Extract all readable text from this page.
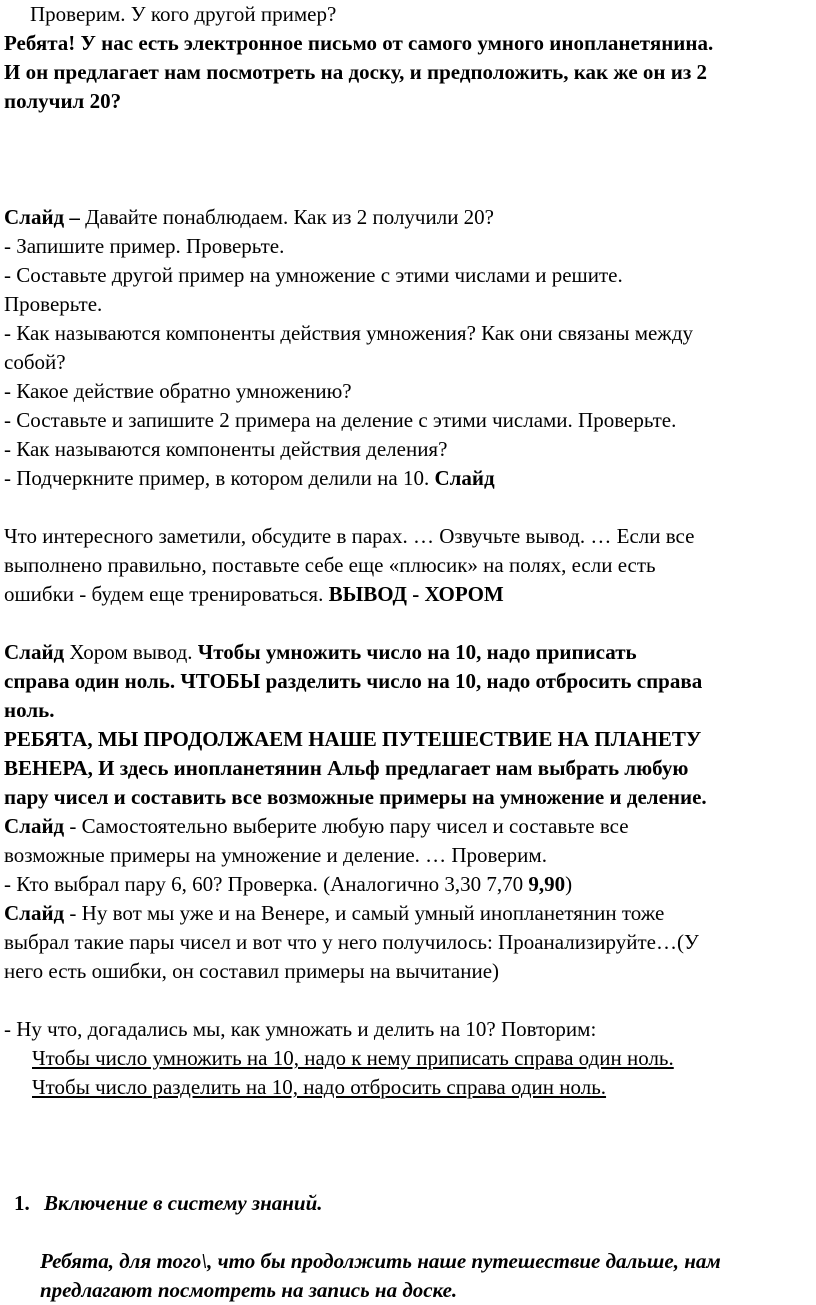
Проверим. У кого другой пример?
Ребята! У нас есть электронное письмо от самого умного инопланетянина.
И он предлагает нам посмотреть на доску, и предположить, как же он из 2
получил 20?
Слайд – Давайте понаблюдаем. Как из 2 получили 20?
- Запишите пример. Проверьте.
- Составьте другой пример на умножение с этими числами и решите.
Проверьте.
- Как называются компоненты действия умножения? Как они связаны между
собой?
- Какое действие обратно умножению?
- Составьте и запишите 2 примера на деление с этими числами. Проверьте.
- Как называются компоненты действия деления?
- Подчеркните пример, в котором делили на 10. Слайд
Что интересного заметили, обсудите в парах. … Озвучьте вывод. … Если все
выполнено правильно, поставьте себе еще «плюсик» на полях, если есть
ошибки - будем еще тренироваться. ВЫВОД - ХОРОМ
Слайд Хором вывод. Чтобы умножить число на 10, надо приписать
справа один ноль. ЧТОБЫ разделить число на 10, надо отбросить справа
ноль.
РЕБЯТА, МЫ ПРОДОЛЖАЕМ НАШЕ ПУТЕШЕСТВИЕ НА ПЛАНЕТУ
ВЕНЕРА, И здесь инопланетянин Альф предлагает нам выбрать любую
пару чисел и составить все возможные примеры на умножение и деление.
Слайд - Самостоятельно выберите любую пару чисел и составьте все
возможные примеры на умножение и деление. … Проверим.
- Кто выбрал пару 6, 60? Проверка. (Аналогично 3,30 7,70 9,90)
Слайд - Ну вот мы уже и на Венере, и самый умный инопланетянин тоже
выбрал такие пары чисел и вот что у него получилось: Проанализируйте…(У
него есть ошибки, он составил примеры на вычитание)
- Ну что, догадались мы, как умножать и делить на 10? Повторим:
Чтобы число умножить на 10, надо к нему приписать справа один ноль.
Чтобы число разделить на 10, надо отбросить справа один ноль.
1. Включение в систему знаний.
Ребята, для того\, что бы продолжить наше путешествие дальше, нам
предлагают посмотреть на запись на доске.
